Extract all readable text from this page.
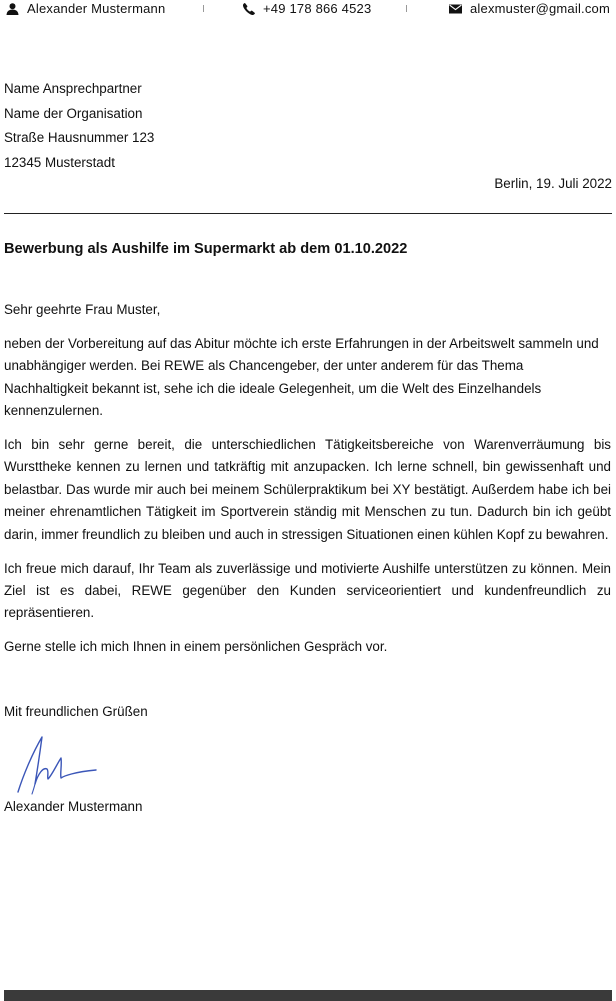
Alexander Mustermann	+49 178 866 4523	alexmuster@gmail.com
Name Ansprechpartner
Name der Organisation
Straße Hausnummer 123
12345 Musterstadt
Berlin, 19. Juli 2022
Bewerbung als Aushilfe im Supermarkt ab dem 01.10.2022

Sehr geehrte Frau Muster,

neben der Vorbereitung auf das Abitur möchte ich erste Erfahrungen in der Arbeitswelt sammeln und unabhängiger werden. Bei REWE als Chancengeber, der unter anderem für das Thema Nachhaltigkeit bekannt ist, sehe ich die ideale Gelegenheit, um die Welt des Einzelhandels kennenzulernen.

Ich bin sehr gerne bereit, die unterschiedlichen Tätigkeitsbereiche von Warenverräumung bis Wursttheke kennen zu lernen und tatkräftig mit anzupacken. Ich lerne schnell, bin gewissenhaft und belastbar. Das wurde mir auch bei meinem Schülerpraktikum bei XY bestätigt. Außerdem habe ich bei meiner ehrenamtlichen Tätigkeit im Sportverein ständig mit Menschen zu tun. Dadurch bin ich geübt darin, immer freundlich zu bleiben und auch in stressigen Situationen einen kühlen Kopf zu bewahren.

Ich freue mich darauf, Ihr Team als zuverlässige und motivierte Aushilfe unterstützen zu können. Mein Ziel ist es dabei, REWE gegenüber den Kunden serviceorientiert und kundenfreundlich zu repräsentieren.

Gerne stelle ich mich Ihnen in einem persönlichen Gespräch vor.

Mit freundlichen Grüßen
Alexander Mustermann
